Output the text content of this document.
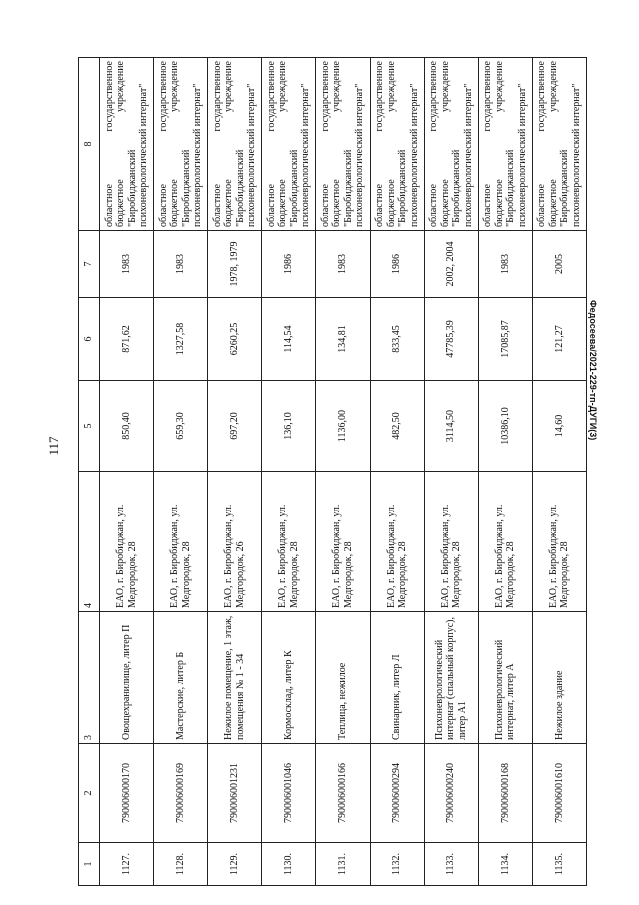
117
1	2	3	4	5	6	7	8
1127.	790006000170	Овощехранилище, литер П	ЕАО, г. Биробиджан, ул. Медгородок, 28	850,40	871,62	1983	областное государственное бюджетное учреждение "Биробиджанский психоневрологический интернат"
1128.	790006000169	Мастерские, литер Б	ЕАО, г. Биробиджан, ул. Медгородок, 28	659,30	1327,58	1983	областное государственное бюджетное учреждение "Биробиджанский психоневрологический интернат"
1129.	790006001231	Нежилое помещение, 1 этаж, помещения № 1 - 34	ЕАО, г. Биробиджан, ул. Медгородок, 26	697,20	6260,25	1978, 1979	областное государственное бюджетное учреждение "Биробиджанский психоневрологический интернат"
1130.	790006001046	Кормосклад, литер К	ЕАО, г. Биробиджан, ул. Медгородок, 28	136,10	114,54	1986	областное государственное бюджетное учреждение "Биробиджанский психоневрологический интернат"
1131.	790006000166	Теплица, нежилое	ЕАО, г. Биробиджан, ул. Медгородок, 28	1136,00	134,81	1983	областное государственное бюджетное учреждение "Биробиджанский психоневрологический интернат"
1132.	790006000294	Свинарник, литер Л	ЕАО, г. Биробиджан, ул. Медгородок, 28	482,50	833,45	1986	областное государственное бюджетное учреждение "Биробиджанский психоневрологический интернат"
1133.	790006000240	Психоневрологический интернат (спальный корпус), литер А1	ЕАО, г. Биробиджан, ул. Медгородок, 28	3114,50	47785,39	2002, 2004	областное государственное бюджетное учреждение "Биробиджанский психоневрологический интернат"
1134.	790006000168	Психоневрологический интернат, литер А	ЕАО, г. Биробиджан, ул. Медгородок, 28	10386,10	17085,87	1983	областное государственное бюджетное учреждение "Биробиджанский психоневрологический интернат"
1135.	790006001610	Нежилое здание	ЕАО, г. Биробиджан, ул. Медгородок, 28	14,60	121,27	2005	областное государственное бюджетное учреждение "Биробиджанский психоневрологический интернат"
Федосеева/2021-229-тп-ДУГИ(3)
